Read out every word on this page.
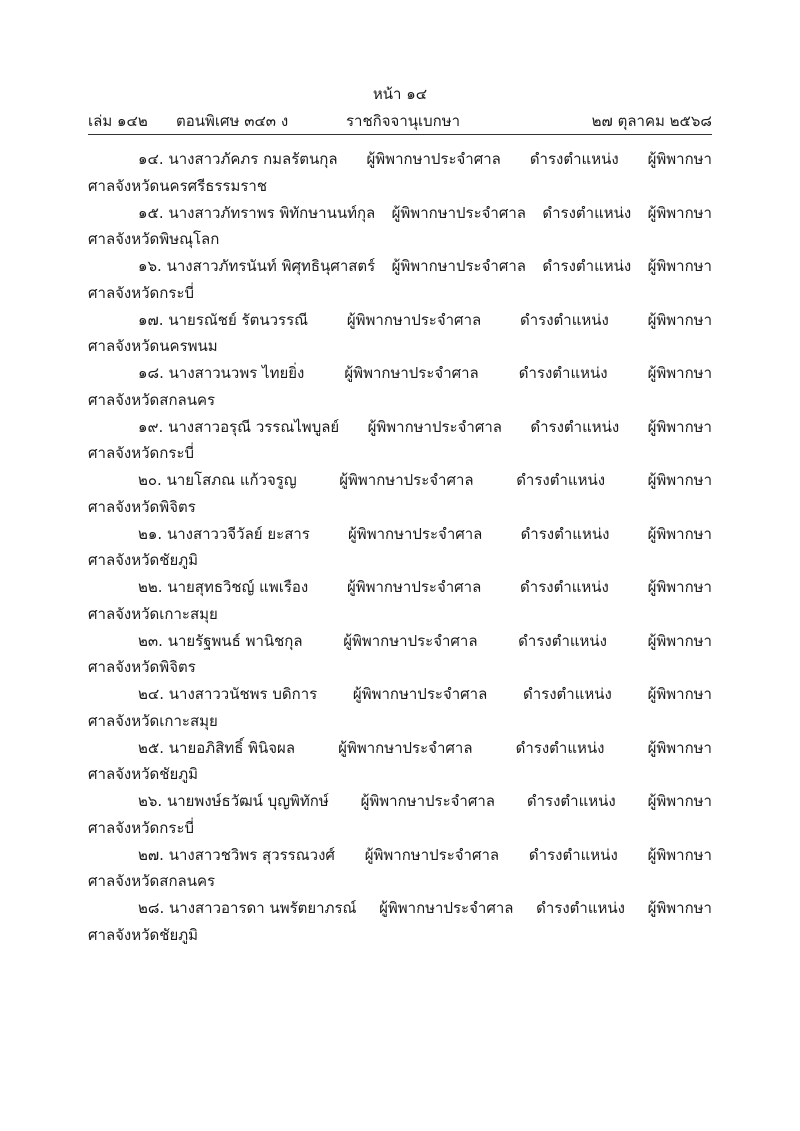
หน้า ๑๔
เล่ม ๑๔๒ ตอนพิเศษ ๓๔๓ ง	ราชกิจจานุเบกษา	๒๗ ตุลาคม ๒๕๖๘
๑๔. นางสาวภัคภร กมลรัตนกุล ผู้พิพากษาประจำศาล ดำรงตำแหน่ง ผู้พิพากษา
ศาลจังหวัดนครศรีธรรมราช
๑๕. นางสาวภัทราพร พิทักษานนท์กุล ผู้พิพากษาประจำศาล ดำรงตำแหน่ง ผู้พิพากษา
ศาลจังหวัดพิษณุโลก
๑๖. นางสาวภัทรนันท์ พิศุทธินุศาสตร์ ผู้พิพากษาประจำศาล ดำรงตำแหน่ง ผู้พิพากษา
ศาลจังหวัดกระบี่
๑๗. นายรณัชย์ รัตนวรรณี	ผู้พิพากษาประจำศาล	ดำรงตำแหน่ง	ผู้พิพากษา
ศาลจังหวัดนครพนม
๑๘. นางสาวนวพร ไทยยิ่ง	ผู้พิพากษาประจำศาล	ดำรงตำแหน่ง	ผู้พิพากษา
ศาลจังหวัดสกลนคร
๑๙. นางสาวอรุณี วรรณไพบูลย์ ผู้พิพากษาประจำศาล ดำรงตำแหน่ง ผู้พิพากษา
ศาลจังหวัดกระบี่
๒๐. นายโสภณ แก้วจรูญ	ผู้พิพากษาประจำศาล	ดำรงตำแหน่ง	ผู้พิพากษา
ศาลจังหวัดพิจิตร
๒๑. นางสาววจีวัลย์ ยะสาร	ผู้พิพากษาประจำศาล	ดำรงตำแหน่ง	ผู้พิพากษา
ศาลจังหวัดชัยภูมิ
๒๒. นายสุทธวิชญ์ แพเรือง	ผู้พิพากษาประจำศาล	ดำรงตำแหน่ง	ผู้พิพากษา
ศาลจังหวัดเกาะสมุย
๒๓. นายรัฐพนธ์ พานิชกุล	ผู้พิพากษาประจำศาล	ดำรงตำแหน่ง	ผู้พิพากษา
ศาลจังหวัดพิจิตร
๒๔. นางสาววนัชพร บดิการ ผู้พิพากษาประจำศาล ดำรงตำแหน่ง ผู้พิพากษา
ศาลจังหวัดเกาะสมุย
๒๕. นายอภิสิทธิ์ พินิจผล	ผู้พิพากษาประจำศาล	ดำรงตำแหน่ง	ผู้พิพากษา
ศาลจังหวัดชัยภูมิ
๒๖. นายพงษ์ธวัฒน์ บุญพิทักษ์ ผู้พิพากษาประจำศาล ดำรงตำแหน่ง ผู้พิพากษา
ศาลจังหวัดกระบี่
๒๗. นางสาวชวิพร สุวรรณวงศ์ ผู้พิพากษาประจำศาล ดำรงตำแหน่ง ผู้พิพากษา
ศาลจังหวัดสกลนคร
๒๘. นางสาวอารดา นพรัตยาภรณ์ ผู้พิพากษาประจำศาล ดำรงตำแหน่ง ผู้พิพากษา
ศาลจังหวัดชัยภูมิ
